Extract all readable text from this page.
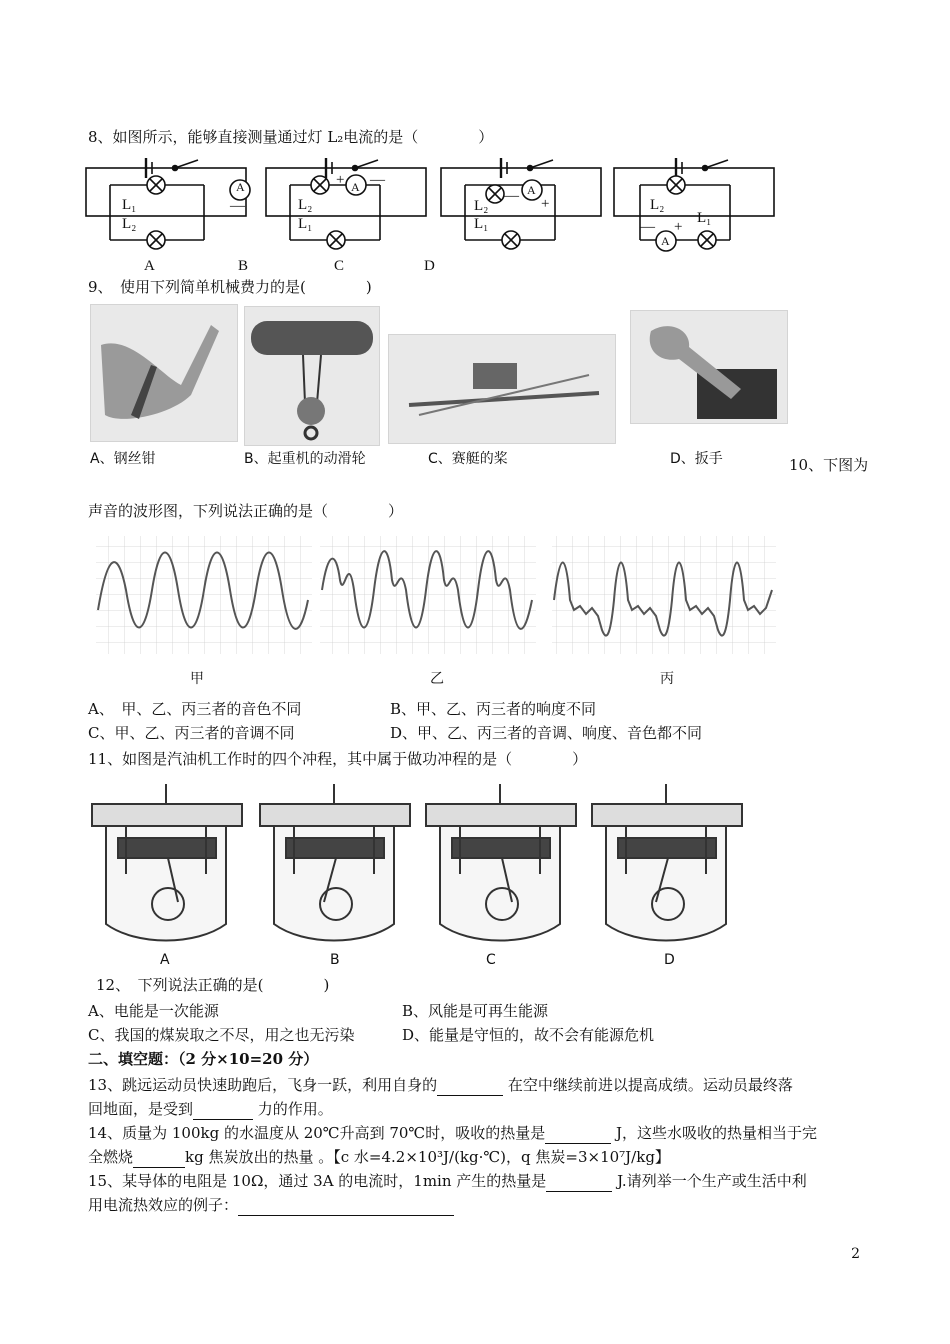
8、如图所示，能够直接测量通过灯 L₂电流的是（　　　　）
A
—
L₁
L₂
+ A —
L₂
L₁
— A
+
L₂
L₁
L₂
L₁
— +
A
A	B	C	D
9、　使用下列简单机械费力的是(　　　　)
A、钢丝钳	B、起重机的动滑轮	C、赛艇的桨	D、扳手	10、下图为
声音的波形图，下列说法正确的是（　　　　）
甲	乙	丙
A、　甲、乙、丙三者的音色不同	B、甲、乙、丙三者的响度不同
C、甲、乙、丙三者的音调不同	D、甲、乙、丙三者的音调、响度、音色都不同
11、如图是汽油机工作时的四个冲程，其中属于做功冲程的是（　　　　）
A	B	C	D
12、　下列说法正确的是(　　　　)
A、电能是一次能源	B、风能是可再生能源
C、我国的煤炭取之不尽，用之也无污染	D、能量是守恒的，故不会有能源危机
二、填空题：（2 分×10=20 分）
13、跳远运动员快速助跑后，飞身一跃，利用自身的	在空中继续前进以提高成绩。运动员最终落
回地面，是受到	力的作用。
14、质量为 100kg 的水温度从 20℃升高到 70℃时，吸收的热量是	J，这些水吸收的热量相当于完
全燃烧	kg 焦炭放出的热量 。【c 水=4.2×10³J/(kg·℃)，q 焦炭=3×10⁷J/kg】
15、某导体的电阻是 10Ω，通过 3A 的电流时，1min 产生的热量是	J.请列举一个生产或生活中利
用电流热效应的例子：
2
